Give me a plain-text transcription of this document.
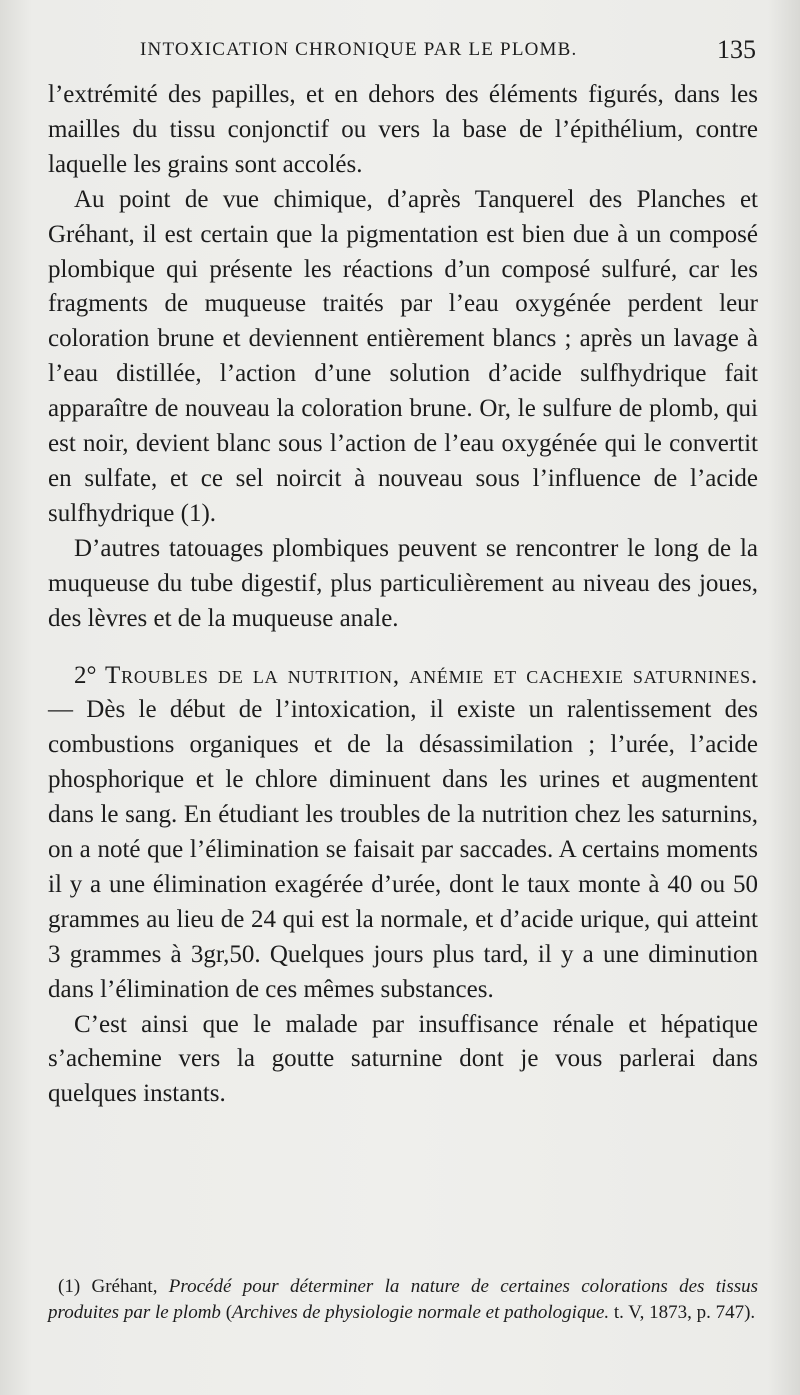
INTOXICATION CHRONIQUE PAR LE PLOMB.	135

l’extrémité des papilles, et en dehors des éléments figurés, dans les mailles du tissu conjonctif ou vers la base de l’épithélium, contre laquelle les grains sont accolés.

Au point de vue chimique, d’après Tanquerel des Planches et Gréhant, il est certain que la pigmentation est bien due à un composé plombique qui présente les réactions d’un composé sulfuré, car les fragments de muqueuse traités par l’eau oxygénée perdent leur coloration brune et deviennent entièrement blancs ; après un lavage à l’eau distillée, l’action d’une solution d’acide sulfhydrique fait apparaître de nouveau la coloration brune. Or, le sulfure de plomb, qui est noir, devient blanc sous l’action de l’eau oxygénée qui le convertit en sulfate, et ce sel noircit à nouveau sous l’influence de l’acide sulfhydrique (1).

D’autres tatouages plombiques peuvent se rencontrer le long de la muqueuse du tube digestif, plus particulièrement au niveau des joues, des lèvres et de la muqueuse anale.

2° Troubles de la nutrition, anémie et cachexie saturnines. — Dès le début de l’intoxication, il existe un ralentissement des combustions organiques et de la désassimilation ; l’urée, l’acide phosphorique et le chlore diminuent dans les urines et augmentent dans le sang. En étudiant les troubles de la nutrition chez les saturnins, on a noté que l’élimination se faisait par saccades. A certains moments il y a une élimination exagérée d’urée, dont le taux monte à 40 ou 50 grammes au lieu de 24 qui est la normale, et d’acide urique, qui atteint 3 grammes à 3gr,50. Quelques jours plus tard, il y a une diminution dans l’élimination de ces mêmes substances.

C’est ainsi que le malade par insuffisance rénale et hépatique s’achemine vers la goutte saturnine dont je vous parlerai dans quelques instants.

(1) Gréhant, Procédé pour déterminer la nature de certaines colorations des tissus produites par le plomb (Archives de physiologie normale et pathologique. t. V, 1873, p. 747).
